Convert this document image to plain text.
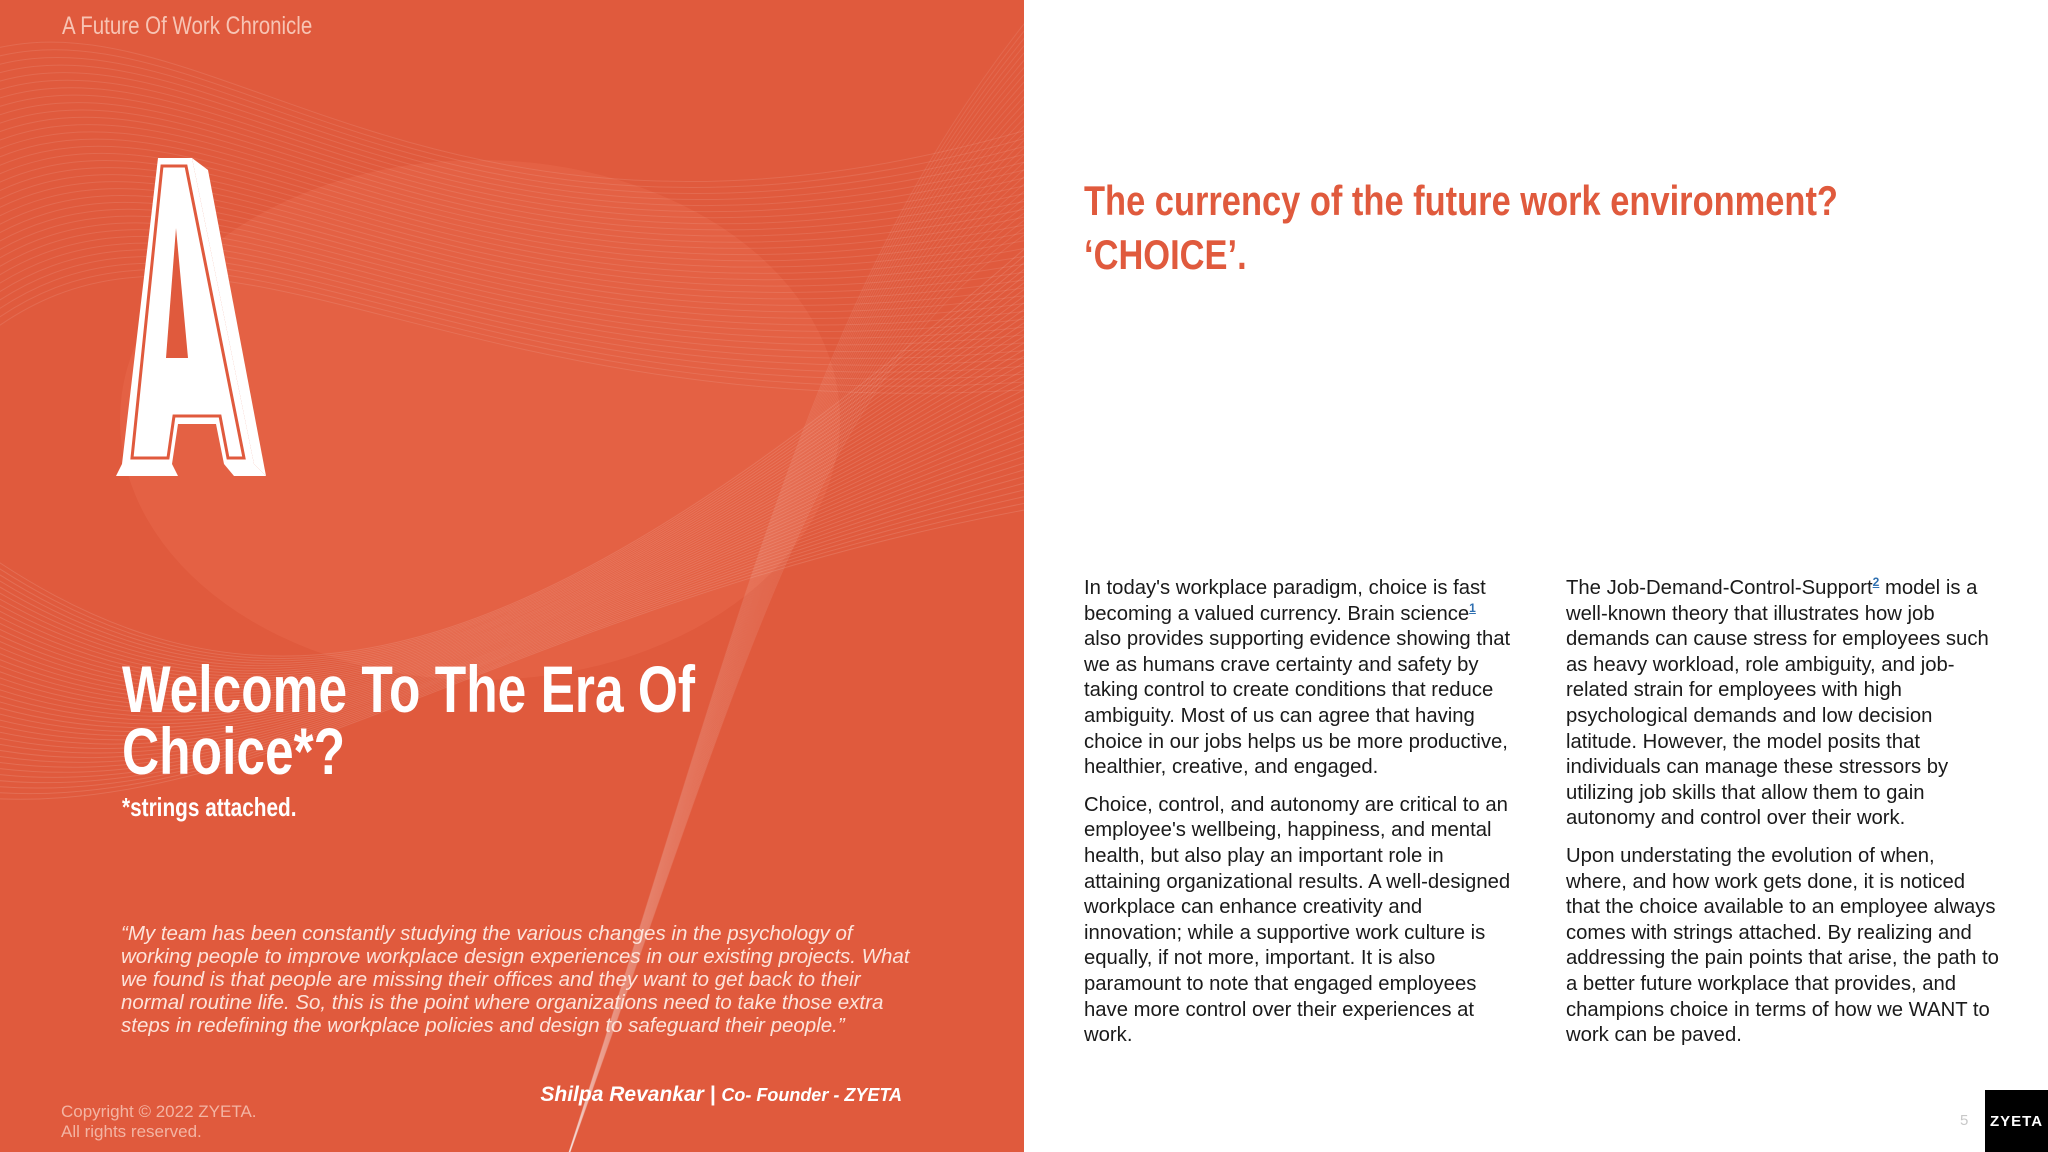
A Future Of Work Chronicle
Welcome To The Era Of
Choice*?
*strings attached.
“My team has been constantly studying the various changes in the psychology of working people to improve workplace design experiences in our existing projects. What we found is that people are missing their offices and they want to get back to their normal routine life. So, this is the point where organizations need to take those extra steps in redefining the workplace policies and design to safeguard their people.”
Shilpa Revankar | Co- Founder - ZYETA
Copyright © 2022 ZYETA.
All rights reserved.
The currency of the future work environment?
‘CHOICE’.

In today's workplace paradigm, choice is fast becoming a valued currency. Brain science$^1$ also provides supporting evidence showing that we as humans crave certainty and safety by taking control to create conditions that reduce ambiguity. Most of us can agree that having choice in our jobs helps us be more productive, healthier, creative, and engaged.

Choice, control, and autonomy are critical to an employee's wellbeing, happiness, and mental health, but also play an important role in attaining organizational results. A well-designed workplace can enhance creativity and innovation; while a supportive work culture is equally, if not more, important. It is also paramount to note that engaged employees have more control over their experiences at work.

The Job-Demand-Control-Support$^2$ model is a well-known theory that illustrates how job demands can cause stress for employees such as heavy workload, role ambiguity, and job-related strain for employees with high psychological demands and low decision latitude. However, the model posits that individuals can manage these stressors by utilizing job skills that allow them to gain autonomy and control over their work.

Upon understating the evolution of when, where, and how work gets done, it is noticed that the choice available to an employee always comes with strings attached. By realizing and addressing the pain points that arise, the path to a better future workplace that provides, and champions choice in terms of how we WANT to work can be paved.

5	ZYETA
